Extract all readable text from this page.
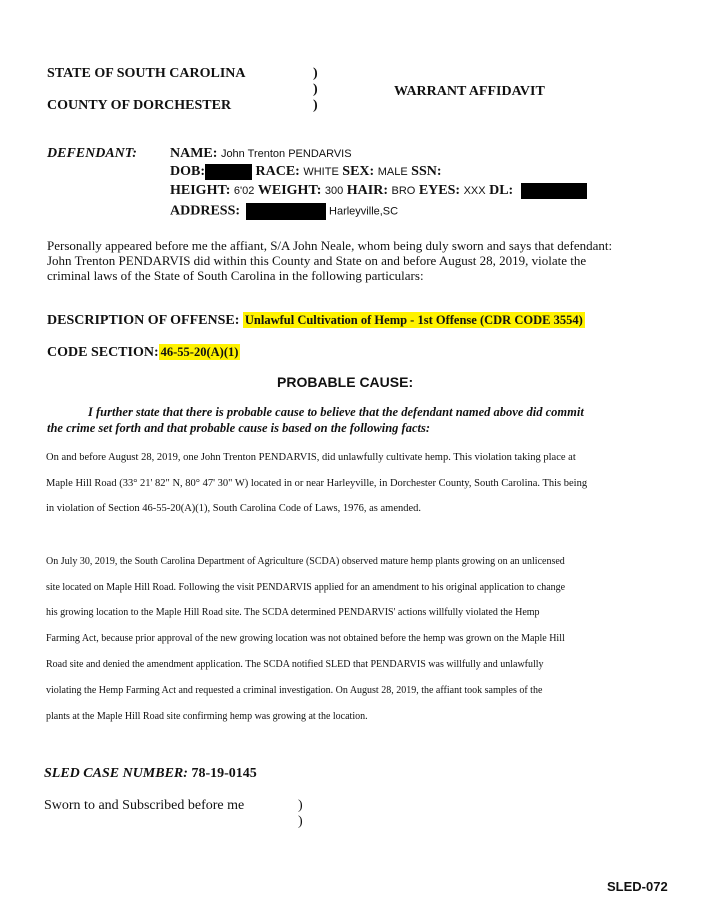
STATE OF SOUTH CAROLINA
COUNTY OF DORCHESTER
)
)
)
WARRANT AFFIDAVIT
DEFENDANT: NAME: John Trenton PENDARVIS
DOB:	RACE: WHITE SEX: MALE SSN:
HEIGHT: 6'02 WEIGHT: 300 HAIR: BRO EYES: XXX DL:
ADDRESS:	Harleyville,SC
Personally appeared before me the affiant, S/A John Neale, whom being duly sworn and says that defendant:
John Trenton PENDARVIS did within this County and State on and before August 28, 2019, violate the
criminal laws of the State of South Carolina in the following particulars:
DESCRIPTION OF OFFENSE: Unlawful Cultivation of Hemp - 1st Offense (CDR CODE 3554)
CODE SECTION: 46-55-20(A)(1)
PROBABLE CAUSE:
I further state that there is probable cause to believe that the defendant named above did commit
the crime set forth and that probable cause is based on the following facts:
On and before August 28, 2019, one John Trenton PENDARVIS, did unlawfully cultivate hemp. This violation taking place at
Maple Hill Road (33° 21' 82" N, 80° 47' 30" W) located in or near Harleyville, in Dorchester County, South Carolina. This being
in violation of Section 46-55-20(A)(1), South Carolina Code of Laws, 1976, as amended.
On July 30, 2019, the South Carolina Department of Agriculture (SCDA) observed mature hemp plants growing on an unlicensed
site located on Maple Hill Road. Following the visit PENDARVIS applied for an amendment to his original application to change
his growing location to the Maple Hill Road site. The SCDA determined PENDARVIS' actions willfully violated the Hemp
Farming Act, because prior approval of the new growing location was not obtained before the hemp was grown on the Maple Hill
Road site and denied the amendment application. The SCDA notified SLED that PENDARVIS was willfully and unlawfully
violating the Hemp Farming Act and requested a criminal investigation. On August 28, 2019, the affiant took samples of the
plants at the Maple Hill Road site confirming hemp was growing at the location.
SLED CASE NUMBER: 78-19-0145
Sworn to and Subscribed before me	)
)
SLED-072
